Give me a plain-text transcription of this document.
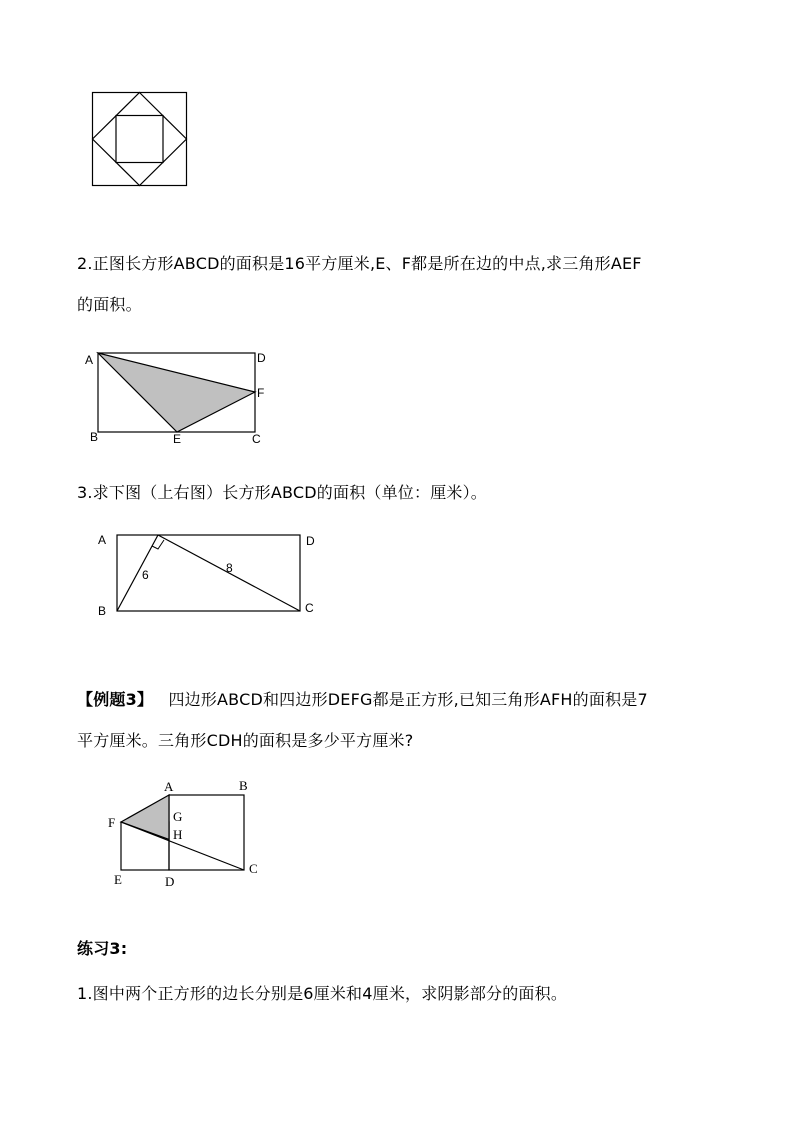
2.正图长方形ABCD的面积是16平方厘米,E、F都是所在边的中点,求三角形AEF
的面积。
A
B	C
D
E
F
3.求下图（上右图）长方形ABCD的面积（单位：厘米）。
A
B	C
D
6	8
【例题3】 四边形ABCD和四边形DEFG都是正方形,已知三角形AFH的面积是7
平方厘米。三角形CDH的面积是多少平方厘米?
A	B
C
D
E
F	G
H
练习3:
1.图中两个正方形的边长分别是6厘米和4厘米，求阴影部分的面积。
